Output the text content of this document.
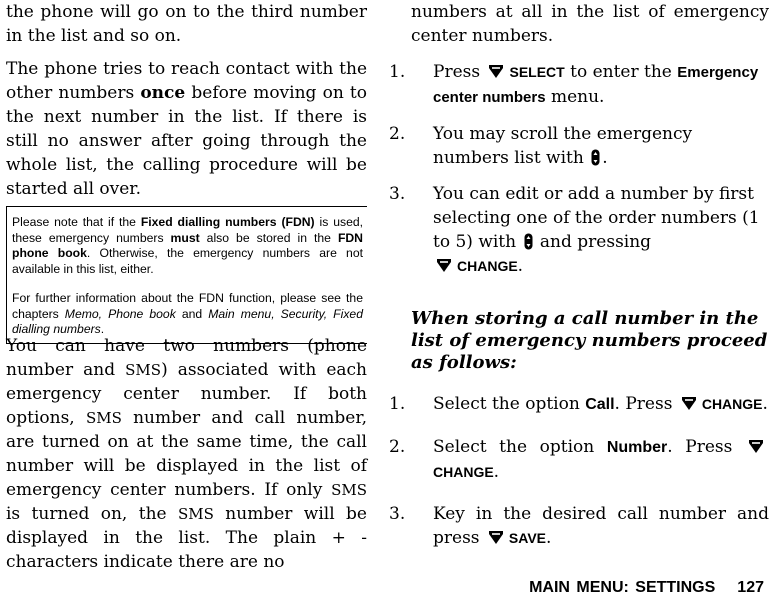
the phone will go on to the third number in the list and so on.

The phone tries to reach contact with the other numbers once before moving on to the next number in the list. If there is still no answer after going through the whole list, the calling procedure will be started all over.

Please note that if the Fixed dialling numbers (FDN) is used, these emergency numbers must also be stored in the FDN phone book. Otherwise, the emergency numbers are not available in this list, either.

For further information about the FDN function, please see the chapters Memo, Phone book and Main menu, Security, Fixed dialling numbers.

You can have two numbers (phone number and SMS) associated with each emergency center number. If both options, SMS number and call number, are turned on at the same time, the call number will be displayed in the list of emergency center numbers. If only SMS is turned on, the SMS number will be displayed in the list. The plain + -characters indicate there are no

numbers at all in the list of emergency center numbers.

1. Press SELECT to enter the Emergency center numbers menu.

2. You may scroll the emergency numbers list with .

3. You can edit or add a number by first selecting one of the order numbers (1 to 5) with  and pressing
CHANGE.

When storing a call number in the list of emergency numbers proceed as follows:

1. Select the option Call. Press CHANGE.

2. Select the option Number. Press CHANGE.

3. Key in the desired call number and press SAVE.

MAIN MENU: SETTINGS 127
